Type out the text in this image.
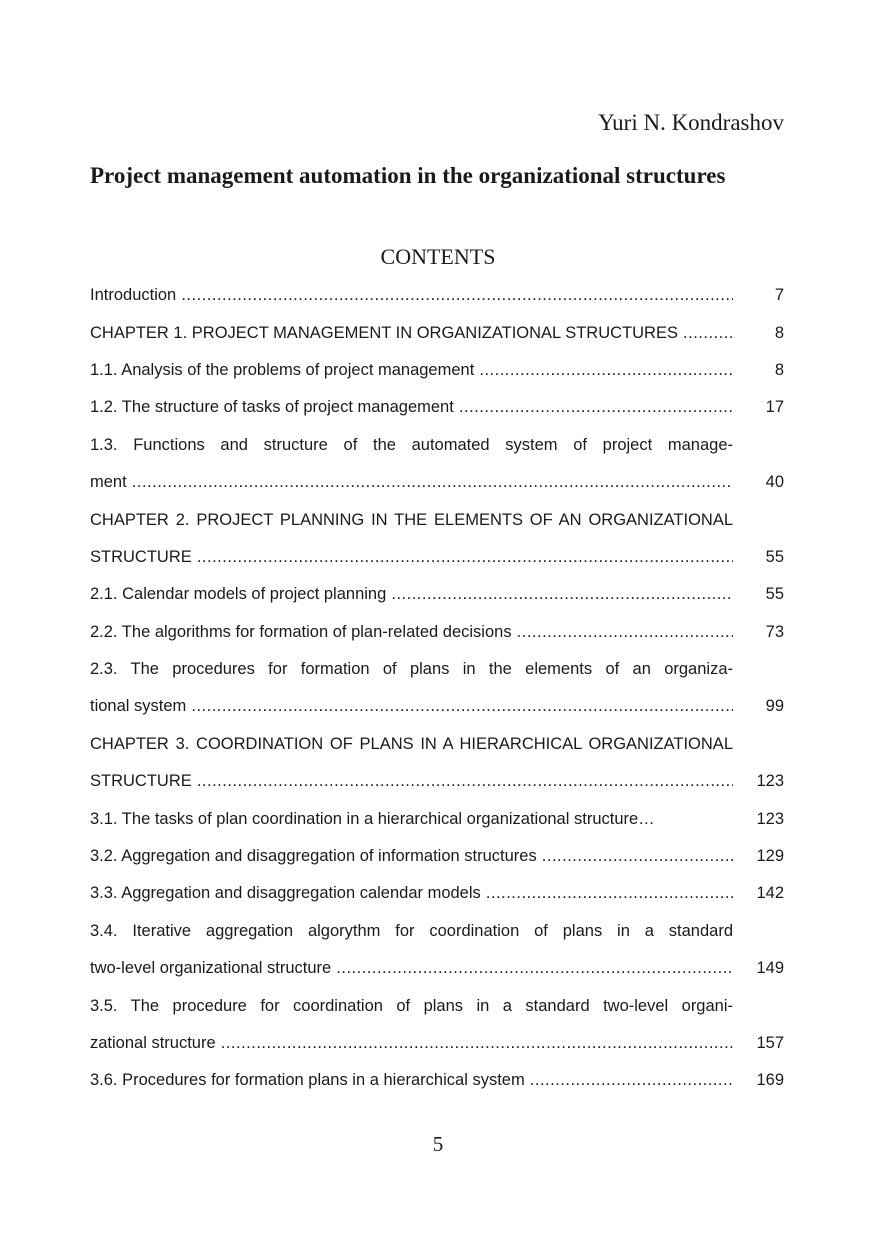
Yuri N. Kondrashov
Project management automation in the organizational structures
CONTENTS
Introduction .....	7
CHAPTER 1. PROJECT MANAGEMENT IN ORGANIZATIONAL STRUCTURES .....	8
1.1. Analysis of the problems of project management .....	8
1.2. The structure of tasks of project management .....	17
1.3. Functions and structure of the automated system of project manage-
ment .....	40
CHAPTER 2. PROJECT PLANNING IN THE ELEMENTS OF AN ORGANIZATIONAL
STRUCTURE .....	55
2.1. Calendar models of project planning .....	55
2.2. The algorithms for formation of plan-related decisions .....	73
2.3. The procedures for formation of plans in the elements of an organiza-
tional system .....	99
CHAPTER 3. COORDINATION OF PLANS IN A HIERARCHICAL ORGANIZATIONAL
STRUCTURE .....	123
3.1. The tasks of plan coordination in a hierarchical organizational structure…	123
3.2. Aggregation and disaggregation of information structures .....	129
3.3. Aggregation and disaggregation calendar models .....	142
3.4. Iterative aggregation algorythm for coordination of plans in a standard
two-level organizational structure .....	149
3.5. The procedure for coordination of plans in a standard two-level organi-
zational structure .....	157
3.6. Procedures for formation plans in a hierarchical system .....	169
5
